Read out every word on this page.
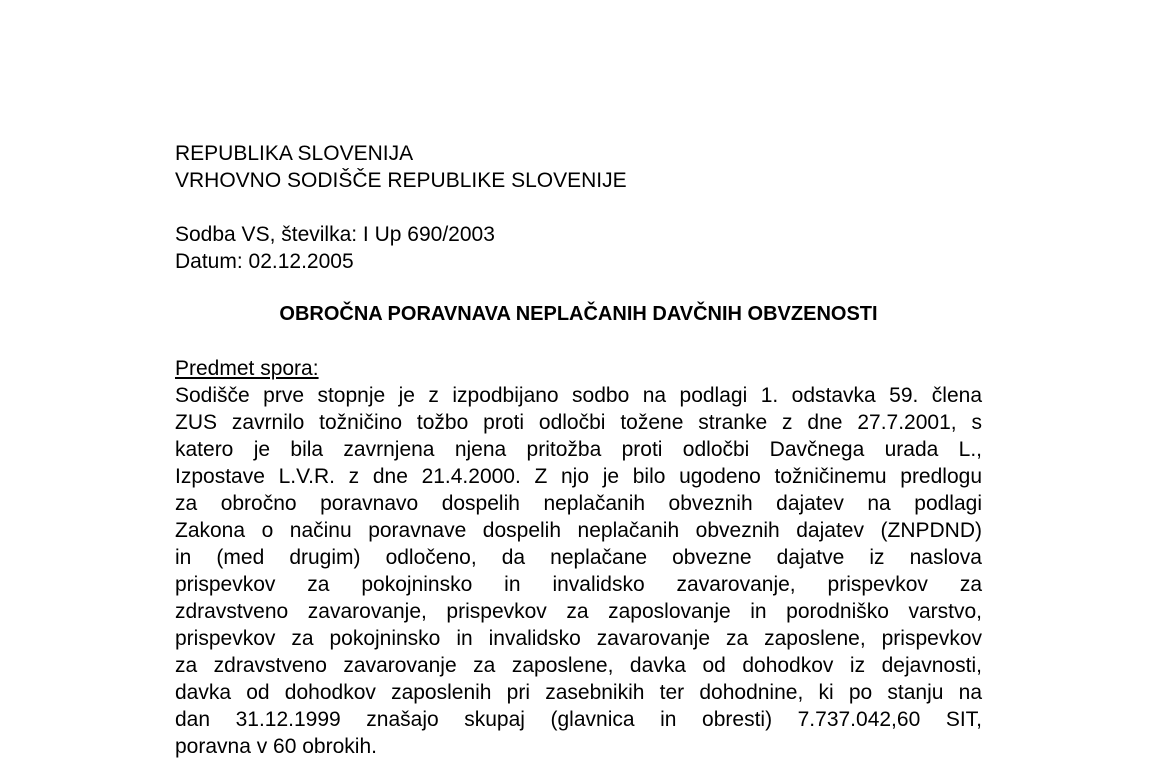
REPUBLIKA SLOVENIJA
VRHOVNO SODIŠČE REPUBLIKE SLOVENIJE
Sodba VS, številka: I Up 690/2003
Datum: 02.12.2005
OBROČNA PORAVNAVA NEPLAČANIH DAVČNIH OBVZENOSTI
Predmet spora:
Sodišče prve stopnje je z izpodbijano sodbo na podlagi 1. odstavka 59. člena
ZUS zavrnilo tožničino tožbo proti odločbi tožene stranke z dne 27.7.2001, s
katero je bila zavrnjena njena pritožba proti odločbi Davčnega urada L.,
Izpostave L.V.R. z dne 21.4.2000. Z njo je bilo ugodeno tožničinemu predlogu
za obročno poravnavo dospelih neplačanih obveznih dajatev na podlagi
Zakona o načinu poravnave dospelih neplačanih obveznih dajatev (ZNPDND)
in (med drugim) odločeno, da neplačane obvezne dajatve iz naslova
prispevkov za pokojninsko in invalidsko zavarovanje, prispevkov za
zdravstveno zavarovanje, prispevkov za zaposlovanje in porodniško varstvo,
prispevkov za pokojninsko in invalidsko zavarovanje za zaposlene, prispevkov
za zdravstveno zavarovanje za zaposlene, davka od dohodkov iz dejavnosti,
davka od dohodkov zaposlenih pri zasebnikih ter dohodnine, ki po stanju na
dan 31.12.1999 znašajo skupaj (glavnica in obresti) 7.737.042,60 SIT,
poravna v 60 obrokih.
